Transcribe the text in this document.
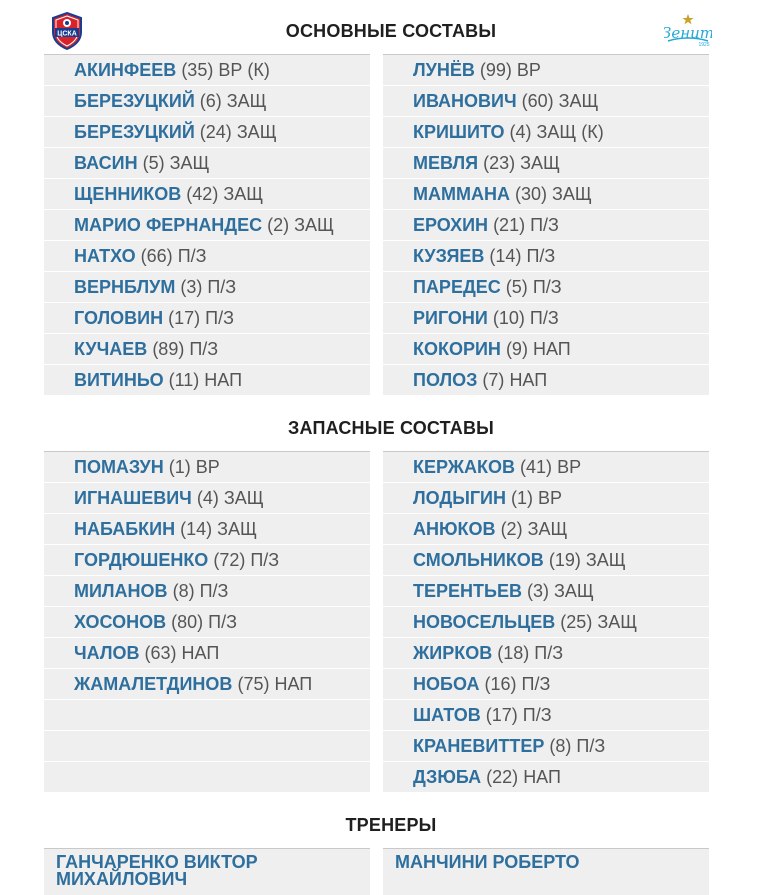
ЦСКА	Зенит
1925
ОСНОВНЫЕ СОСТАВЫ
АКИНФЕЕВ (35) ВР (К)
БЕРЕЗУЦКИЙ (6) ЗАЩ
БЕРЕЗУЦКИЙ (24) ЗАЩ
ВАСИН (5) ЗАЩ
ЩЕННИКОВ (42) ЗАЩ
МАРИО ФЕРНАНДЕС (2) ЗАЩ
НАТХО (66) П/З
ВЕРНБЛУМ (3) П/З
ГОЛОВИН (17) П/З
КУЧАЕВ (89) П/З
ВИТИНЬО (11) НАП
ЛУНЁВ (99) ВР
ИВАНОВИЧ (60) ЗАЩ
КРИШИТО (4) ЗАЩ (К)
МЕВЛЯ (23) ЗАЩ
МАММАНА (30) ЗАЩ
ЕРОХИН (21) П/З
КУЗЯЕВ (14) П/З
ПАРЕДЕС (5) П/З
РИГОНИ (10) П/З
КОКОРИН (9) НАП
ПОЛОЗ (7) НАП
ЗАПАСНЫЕ СОСТАВЫ
ПОМАЗУН (1) ВР
ИГНАШЕВИЧ (4) ЗАЩ
НАБАБКИН (14) ЗАЩ
ГОРДЮШЕНКО (72) П/З
МИЛАНОВ (8) П/З
ХОСОНОВ (80) П/З
ЧАЛОВ (63) НАП
ЖАМАЛЕТДИНОВ (75) НАП
КЕРЖАКОВ (41) ВР
ЛОДЫГИН (1) ВР
АНЮКОВ (2) ЗАЩ
СМОЛЬНИКОВ (19) ЗАЩ
ТЕРЕНТЬЕВ (3) ЗАЩ
НОВОСЕЛЬЦЕВ (25) ЗАЩ
ЖИРКОВ (18) П/З
НОБОА (16) П/З
ШАТОВ (17) П/З
КРАНЕВИТТЕР (8) П/З
ДЗЮБА (22) НАП
ТРЕНЕРЫ
ГАНЧАРЕНКО ВИКТОР МИХАЙЛОВИЧ
МАНЧИНИ РОБЕРТО
